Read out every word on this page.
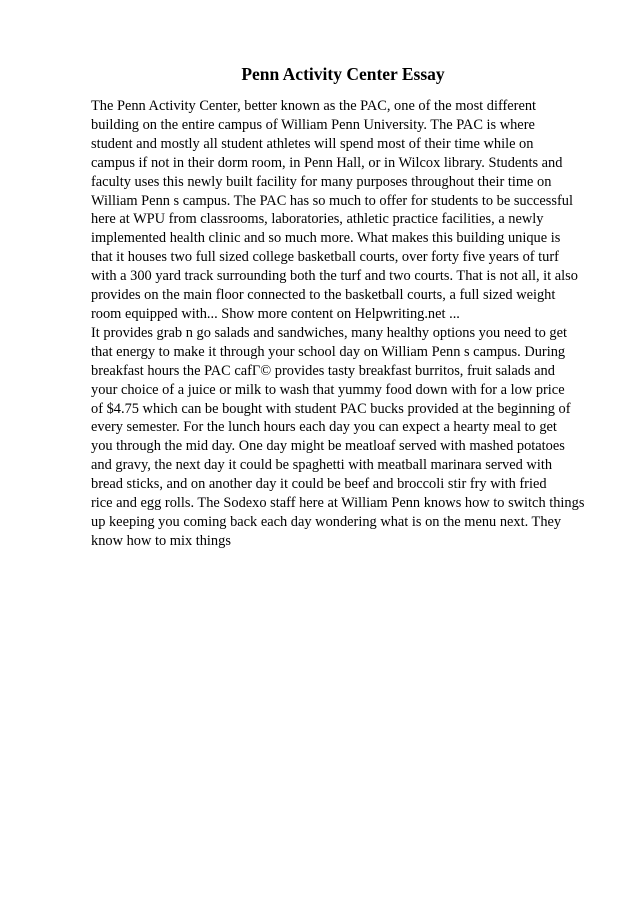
Penn Activity Center Essay

The Penn Activity Center, better known as the PAC, one of the most different

building on the entire campus of William Penn University. The PAC is where

student and mostly all student athletes will spend most of their time while on

campus if not in their dorm room, in Penn Hall, or in Wilcox library. Students and

faculty uses this newly built facility for many purposes throughout their time on

William Penn s campus. The PAC has so much to offer for students to be successful

here at WPU from classrooms, laboratories, athletic practice facilities, a newly

implemented health clinic and so much more. What makes this building unique is

that it houses two full sized college basketball courts, over forty five years of turf

with a 300 yard track surrounding both the turf and two courts. That is not all, it also

provides on the main floor connected to the basketball courts, a full sized weight

room equipped with... Show more content on Helpwriting.net ...

It provides grab n go salads and sandwiches, many healthy options you need to get

that energy to make it through your school day on William Penn s campus. During

breakfast hours the PAC cafГ© provides tasty breakfast burritos, fruit salads and

your choice of a juice or milk to wash that yummy food down with for a low price

of $4.75 which can be bought with student PAC bucks provided at the beginning of

every semester. For the lunch hours each day you can expect a hearty meal to get

you through the mid day. One day might be meatloaf served with mashed potatoes

and gravy, the next day it could be spaghetti with meatball marinara served with

bread sticks, and on another day it could be beef and broccoli stir fry with fried

rice and egg rolls. The Sodexo staff here at William Penn knows how to switch things

up keeping you coming back each day wondering what is on the menu next. They

know how to mix things
